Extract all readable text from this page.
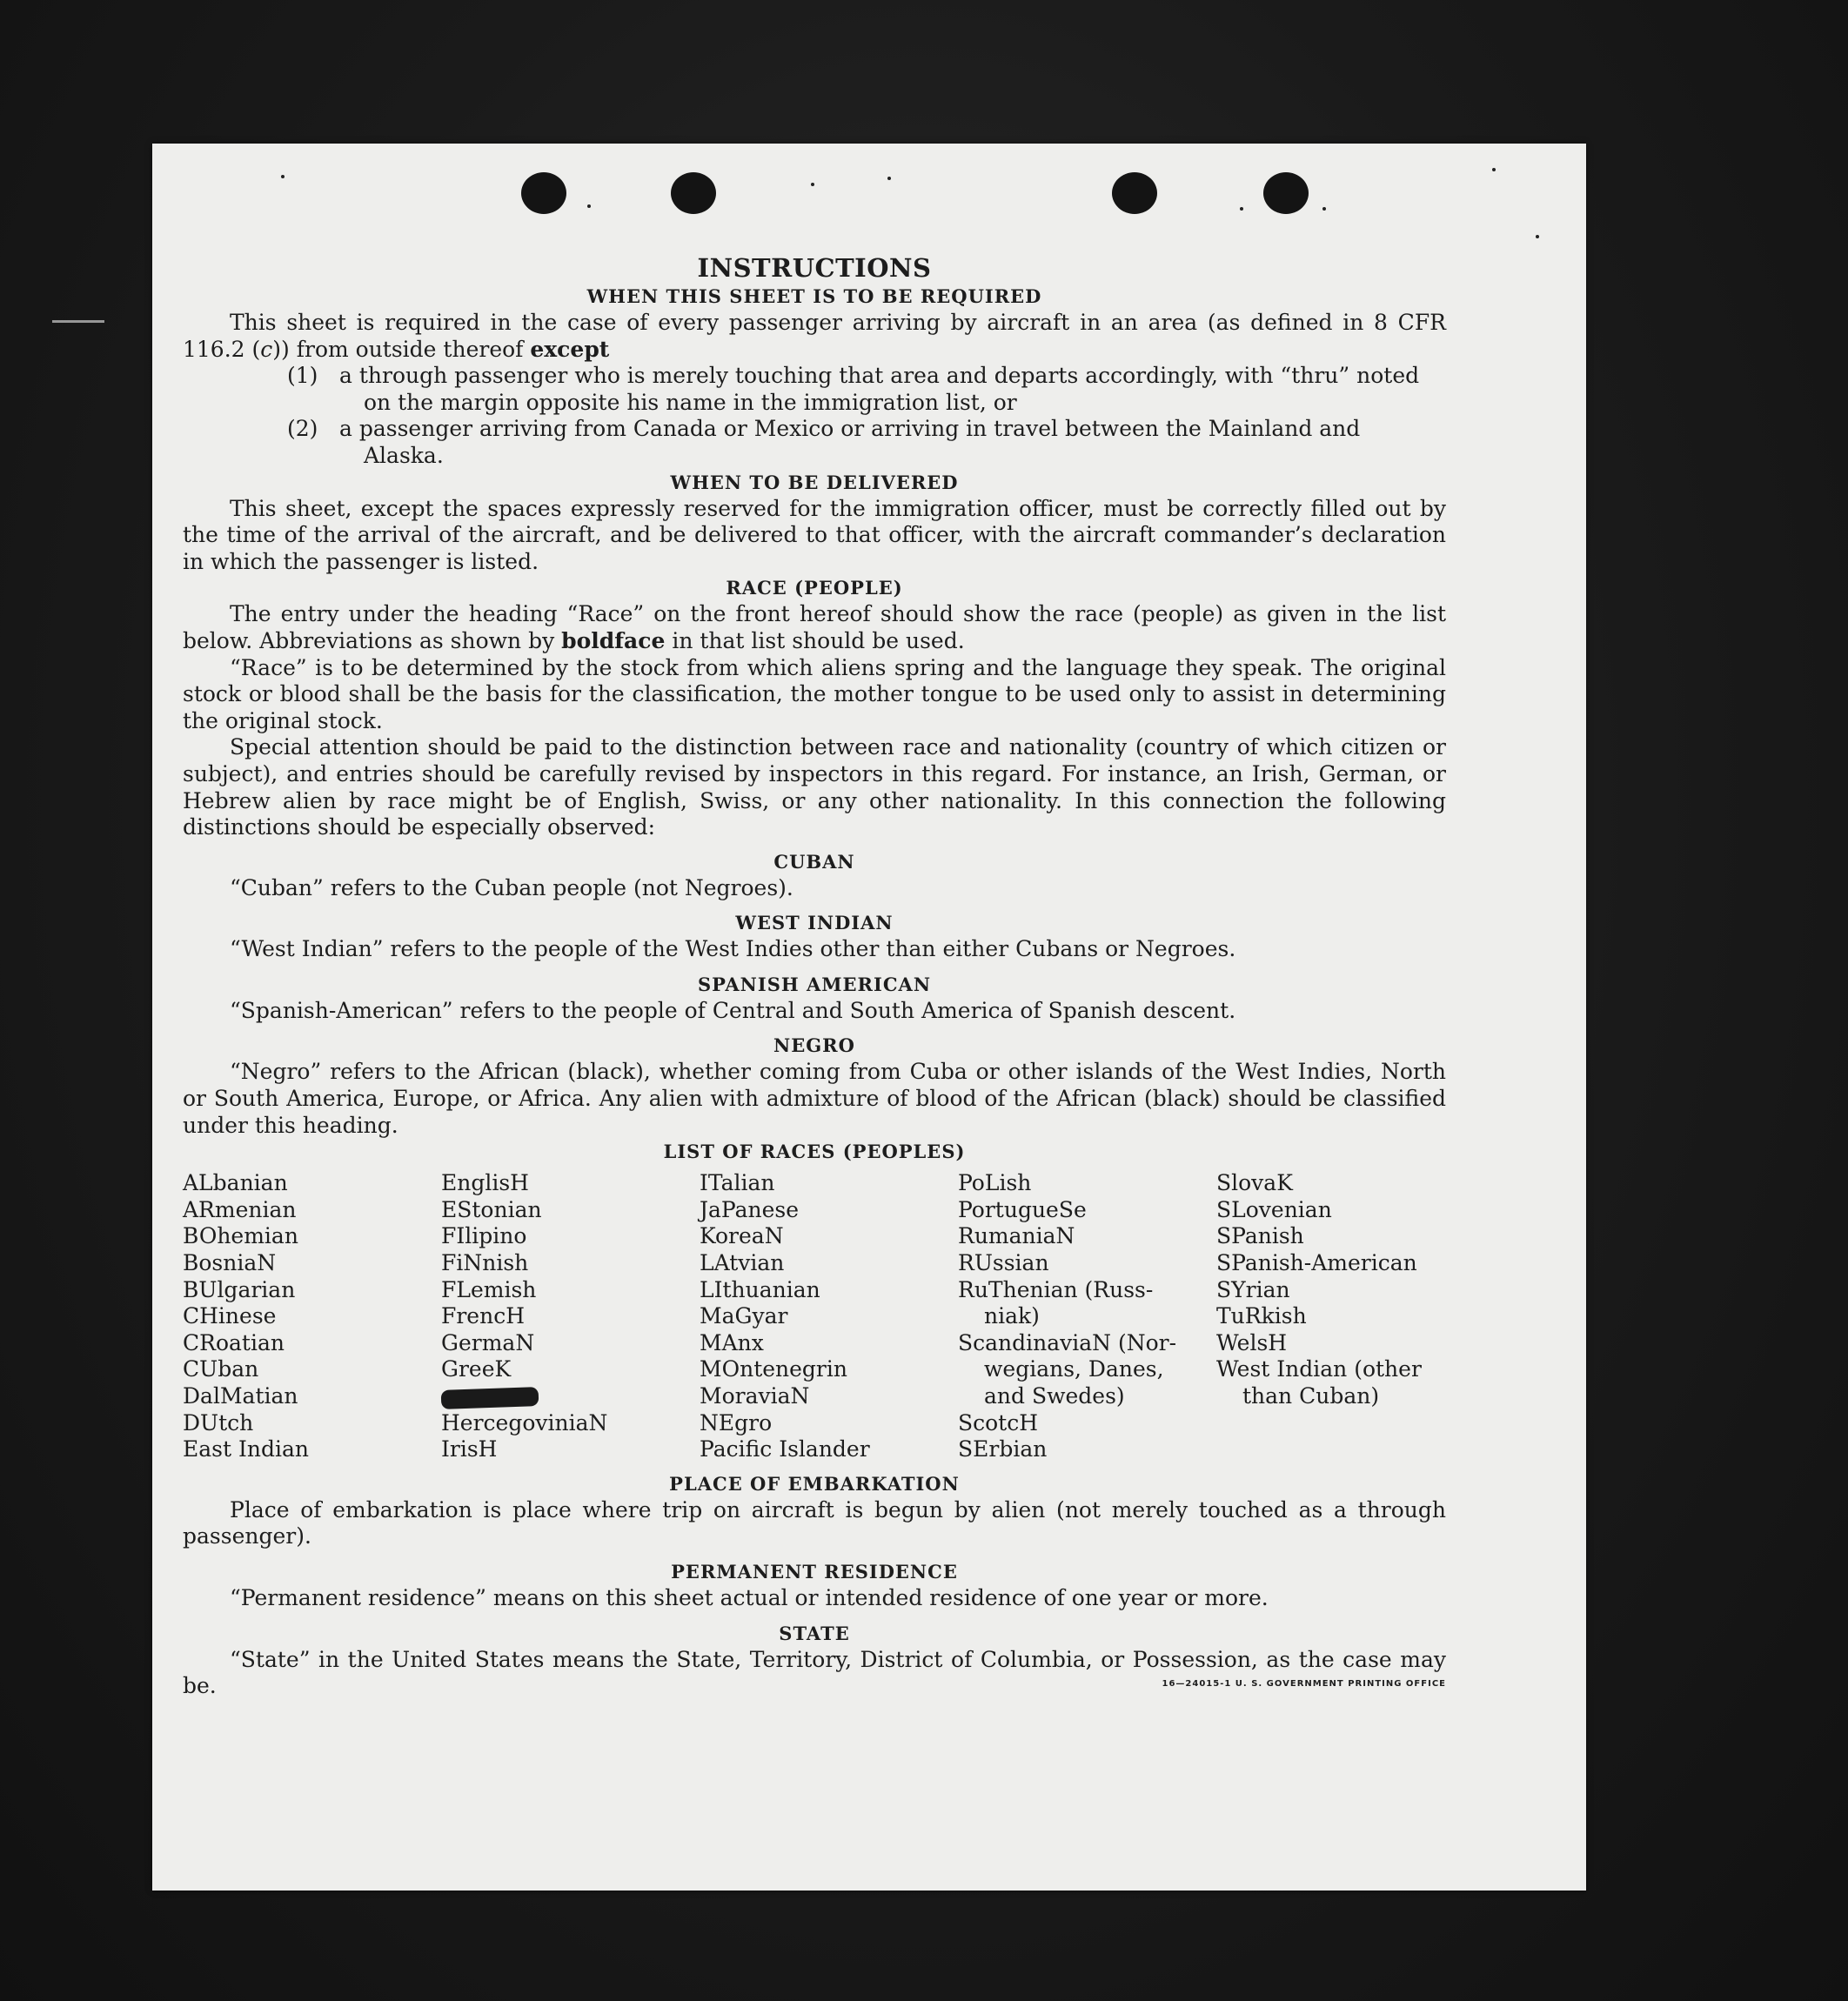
INSTRUCTIONS
WHEN THIS SHEET IS TO BE REQUIRED

This sheet is required in the case of every passenger arriving by aircraft in an area (as defined in 8 CFR 116.2 (c)) from outside thereof except

(1) a through passenger who is merely touching that area and departs accordingly, with “thru” noted
on the margin opposite his name in the immigration list, or
(2) a passenger arriving from Canada or Mexico or arriving in travel between the Mainland and
Alaska.
WHEN TO BE DELIVERED

This sheet, except the spaces expressly reserved for the immigration officer, must be correctly filled out by the time of the arrival of the aircraft, and be delivered to that officer, with the aircraft commander’s declaration in which the passenger is listed.

RACE (PEOPLE)

The entry under the heading “Race” on the front hereof should show the race (people) as given in the list below. Abbreviations as shown by boldface in that list should be used.

“Race” is to be determined by the stock from which aliens spring and the language they speak. The original stock or blood shall be the basis for the classification, the mother tongue to be used only to assist in determining the original stock.

Special attention should be paid to the distinction between race and nationality (country of which citizen or subject), and entries should be carefully revised by inspectors in this regard. For instance, an Irish, German, or Hebrew alien by race might be of English, Swiss, or any other nationality. In this connection the following distinctions should be especially observed:

CUBAN

“Cuban” refers to the Cuban people (not Negroes).

WEST INDIAN

“West Indian” refers to the people of the West Indies other than either Cubans or Negroes.

SPANISH AMERICAN

“Spanish-American” refers to the people of Central and South America of Spanish descent.

NEGRO

“Negro” refers to the African (black), whether coming from Cuba or other islands of the West Indies, North or South America, Europe, or Africa. Any alien with admixture of blood of the African (black) should be classified under this heading.

LIST OF RACES (PEOPLES)
ALbanian
ARmenian
BOhemian
BosniaN
BUlgarian
CHinese
CRoatian
CUban
DalMatian
DUtch
East Indian
EnglisH
EStonian
FIlipino
FiNnish
FLemish
FrencH
GermaN
GreeK
HercegoviniaN
IrisH
ITalian
JaPanese
KoreaN
LAtvian
LIthuanian
MaGyar
MAnx
MOntenegrin
MoraviaN
NEgro
Pacific Islander
PoLish
PortugueSe
RumaniaN
RUssian
RuThenian (Russ-
niak)
ScandinaviaN (Nor-
wegians, Danes,
and Swedes)
ScotcH
SErbian
SlovaK
SLovenian
SPanish
SPanish-American
SYrian
TuRkish
WelsH
West Indian (other
than Cuban)
PLACE OF EMBARKATION

Place of embarkation is place where trip on aircraft is begun by alien (not merely touched as a through passenger).

PERMANENT RESIDENCE

“Permanent residence” means on this sheet actual or intended residence of one year or more.

STATE

“State” in the United States means the State, Territory, District of Columbia, or Possession, as the case may be.	16—24015-1 U. S. GOVERNMENT PRINTING OFFICE
